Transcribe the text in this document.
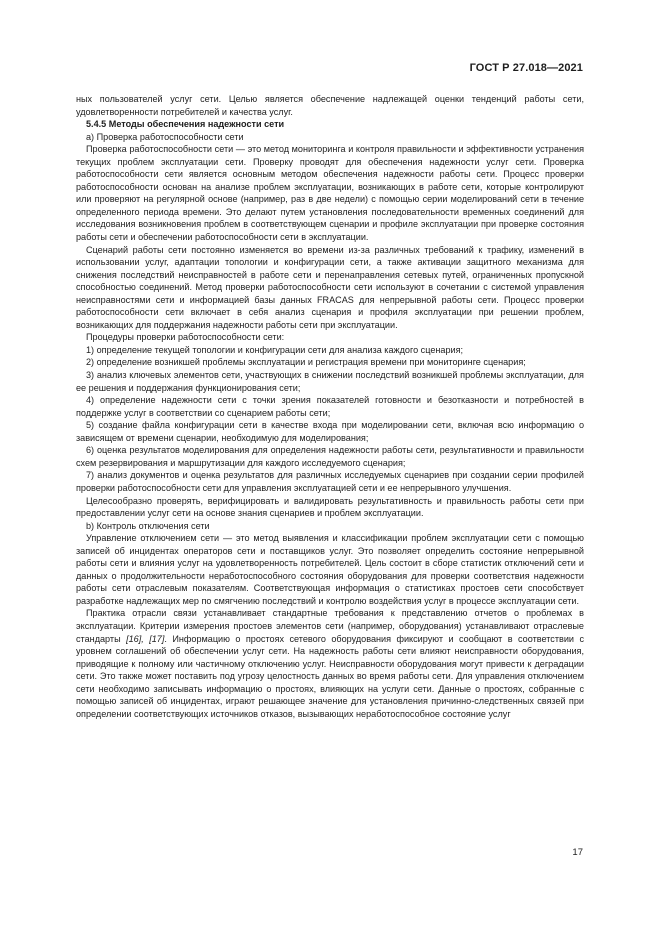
ГОСТ Р 27.018—2021

ных пользователей услуг сети. Целью является обеспечение надлежащей оценки тенденций работы сети, удовлетворенности потребителей и качества услуг.

5.4.5 Методы обеспечения надежности сети

а) Проверка работоспособности сети

Проверка работоспособности сети — это метод мониторинга и контроля правильности и эффективности устранения текущих проблем эксплуатации сети. Проверку проводят для обеспечения надежности услуг сети. Проверка работоспособности сети является основным методом обеспечения надежности работы сети. Процесс проверки работоспособности основан на анализе проблем эксплуатации, возникающих в работе сети, которые контролируют или проверяют на регулярной основе (например, раз в две недели) с помощью серии моделирований сети в течение определенного периода времени. Это делают путем установления последовательности временных соединений для исследования возникновения проблем в соответствующем сценарии и профиле эксплуатации при проверке состояния работы сети и обеспечении работоспособности сети в эксплуатации.

Сценарий работы сети постоянно изменяется во времени из-за различных требований к трафику, изменений в использовании услуг, адаптации топологии и конфигурации сети, а также активации защитного механизма для снижения последствий неисправностей в работе сети и перенаправления сетевых путей, ограниченных пропускной способностью соединений. Метод проверки работоспособности сети используют в сочетании с системой управления неисправностями сети и информацией базы данных FRACAS для непрерывной работы сети. Процесс проверки работоспособности сети включает в себя анализ сценария и профиля эксплуатации при решении проблем, возникающих для поддержания надежности работы сети при эксплуатации.

Процедуры проверки работоспособности сети:

1) определение текущей топологии и конфигурации сети для анализа каждого сценария;

2) определение возникшей проблемы эксплуатации и регистрация времени при мониторинге сценария;

3) анализ ключевых элементов сети, участвующих в снижении последствий возникшей проблемы эксплуатации, для ее решения и поддержания функционирования сети;

4) определение надежности сети с точки зрения показателей готовности и безотказности и потребностей в поддержке услуг в соответствии со сценарием работы сети;

5) создание файла конфигурации сети в качестве входа при моделировании сети, включая всю информацию о зависящем от времени сценарии, необходимую для моделирования;

6) оценка результатов моделирования для определения надежности работы сети, результативности и правильности схем резервирования и маршрутизации для каждого исследуемого сценария;

7) анализ документов и оценка результатов для различных исследуемых сценариев при создании серии профилей проверки работоспособности сети для управления эксплуатацией сети и ее непрерывного улучшения.

Целесообразно проверять, верифицировать и валидировать результативность и правильность работы сети при предоставлении услуг сети на основе знания сценариев и проблем эксплуатации.

b) Контроль отключения сети

Управление отключением сети — это метод выявления и классификации проблем эксплуатации сети с помощью записей об инцидентах операторов сети и поставщиков услуг. Это позволяет определить состояние непрерывной работы сети и влияния услуг на удовлетворенность потребителей. Цель состоит в сборе статистик отключений сети и данных о продолжительности неработоспособного состояния оборудования для проверки соответствия надежности работы сети отраслевым показателям. Соответствующая информация о статистиках простоев сети способствует разработке надлежащих мер по смягчению последствий и контролю воздействия услуг в процессе эксплуатации сети.

Практика отрасли связи устанавливает стандартные требования к представлению отчетов о проблемах в эксплуатации. Критерии измерения простоев элементов сети (например, оборудования) устанавливают отраслевые стандарты [16], [17]. Информацию о простоях сетевого оборудования фиксируют и сообщают в соответствии с уровнем соглашений об обеспечении услуг сети. На надежность работы сети влияют неисправности оборудования, приводящие к полному или частичному отключению услуг. Неисправности оборудования могут привести к деградации сети. Это также может поставить под угрозу целостность данных во время работы сети. Для управления отключением сети необходимо записывать информацию о простоях, влияющих на услуги сети. Данные о простоях, собранные с помощью записей об инцидентах, играют решающее значение для установления причинно-следственных связей при определении соответствующих источников отказов, вызывающих неработоспособное состояние услуг

17
